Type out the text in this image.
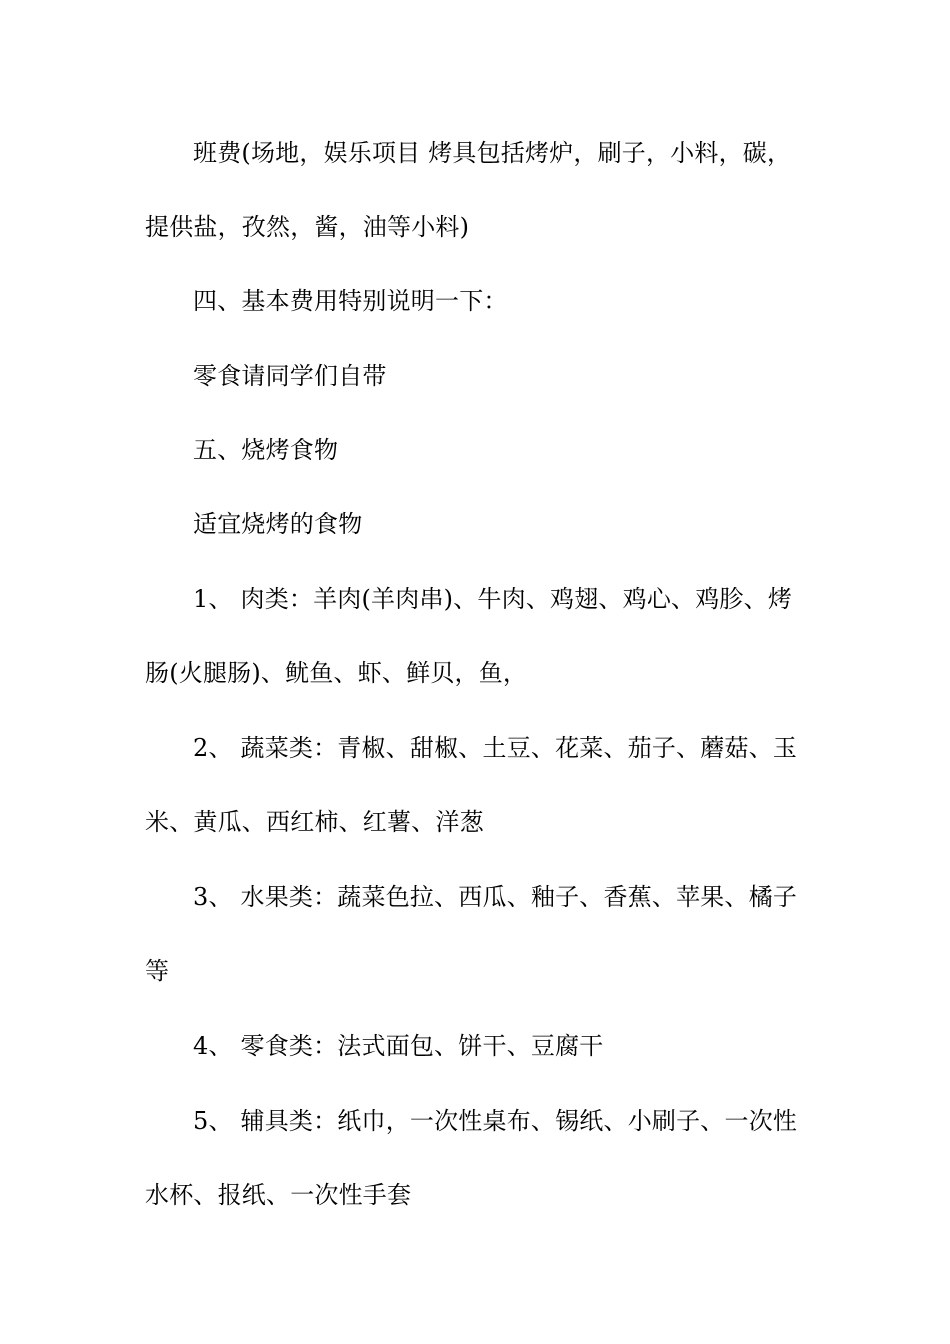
班费(场地，娱乐项目 烤具包括烤炉，刷子，小料，碳，
提供盐，孜然，酱，油等小料)
四、基本费用特别说明一下：
零食请同学们自带
五、烧烤食物
适宜烧烤的食物
1、 肉类：羊肉(羊肉串)、牛肉、鸡翅、鸡心、鸡胗、烤
肠(火腿肠)、鱿鱼、虾、鲜贝，鱼，
2、 蔬菜类：青椒、甜椒、土豆、花菜、茄子、蘑菇、玉
米、黄瓜、西红柿、红薯、洋葱
3、 水果类：蔬菜色拉、西瓜、釉子、香蕉、苹果、橘子
等
4、 零食类：法式面包、饼干、豆腐干
5、 辅具类：纸巾，一次性桌布、锡纸、小刷子、一次性
水杯、报纸、一次性手套
